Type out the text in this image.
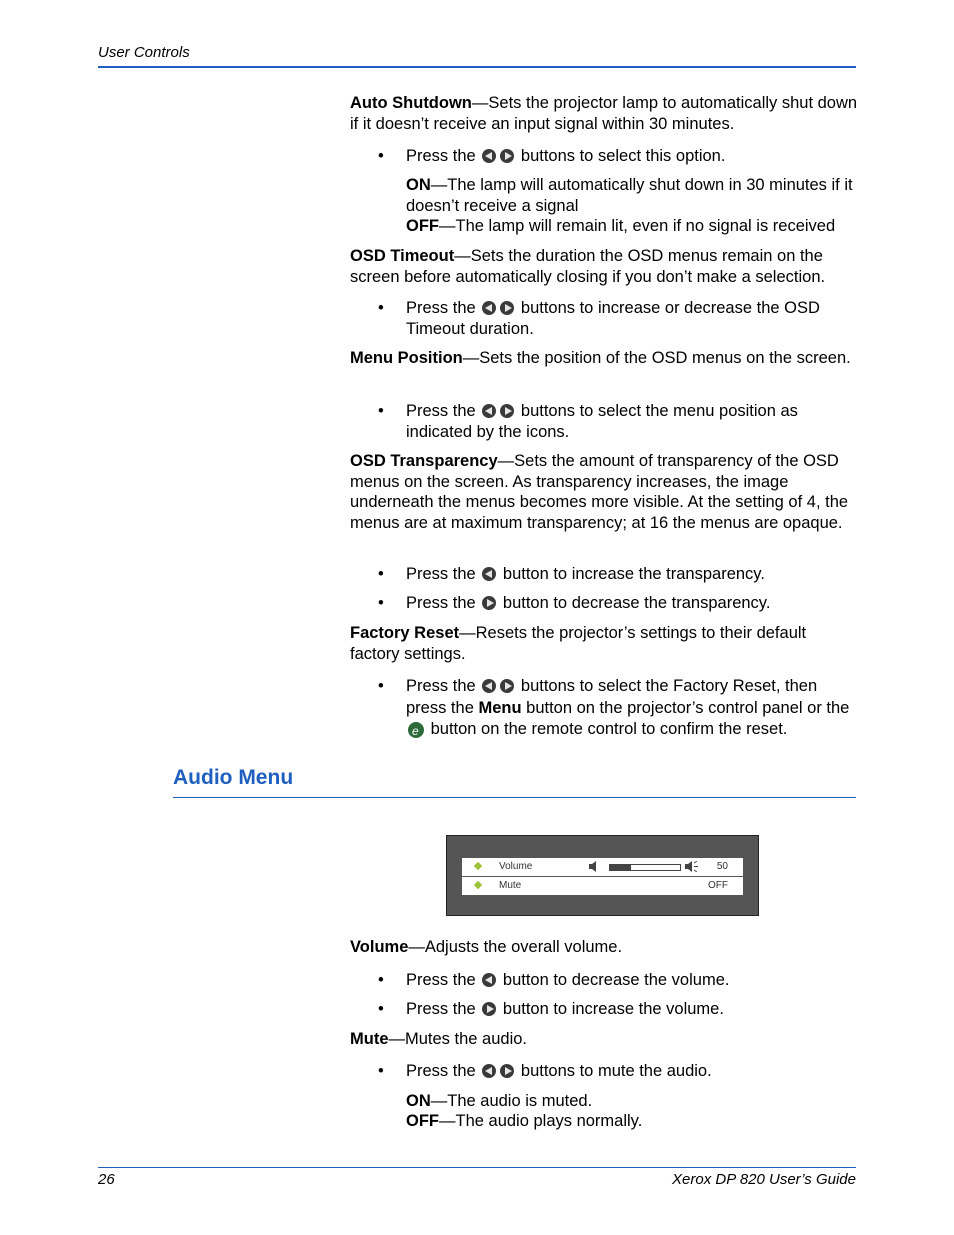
User Controls
Auto Shutdown—Sets the projector lamp to automatically shut down if it doesn’t receive an input signal within 30 minutes.
• Press the	buttons to select this option.
ON—The lamp will automatically shut down in 30 minutes if it doesn’t receive a signal
OFF—The lamp will remain lit, even if no signal is received
OSD Timeout—Sets the duration the OSD menus remain on the screen before automatically closing if you don’t make a selection.
• Press the	buttons to increase or decrease the OSD Timeout duration.
Menu Position—Sets the position of the OSD menus on the screen.
• Press the	buttons to select the menu position as indicated by the icons.
OSD Transparency—Sets the amount of transparency of the OSD menus on the screen. As transparency increases, the image underneath the menus becomes more visible. At the setting of 4, the menus are at maximum transparency; at 16 the menus are opaque.
• Press the button to increase the transparency.
• Press the button to decrease the transparency.
Factory Reset—Resets the projector’s settings to their default factory settings.
• Press the	buttons to select the Factory Reset, then press the Menu button on the projector’s control panel or the e button on the remote control to confirm the reset.
Audio Menu
Volume	50
Mute	OFF
Volume—Adjusts the overall volume.
• Press the button to decrease the volume.
• Press the button to increase the volume.
Mute—Mutes the audio.
• Press the	buttons to mute the audio.
ON—The audio is muted.
OFF—The audio plays normally.
26	Xerox DP 820 User’s Guide
